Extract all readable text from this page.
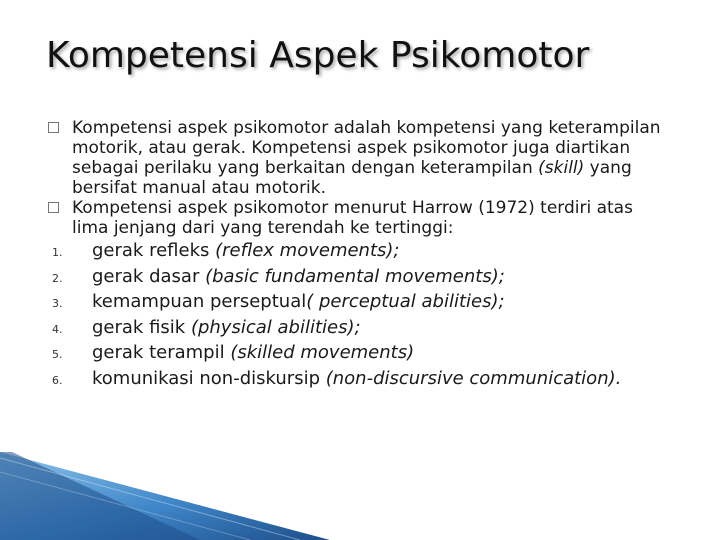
Kompetensi Aspek Psikomotor

Kompetensi aspek psikomotor adalah kompetensi yang keterampilan motorik, atau gerak. Kompetensi aspek psikomotor juga diartikan sebagai perilaku yang berkaitan dengan keterampilan (skill) yang bersifat manual atau motorik.

Kompetensi aspek psikomotor menurut Harrow (1972) terdiri atas lima jenjang dari yang terendah ke tertinggi:

1. gerak refleks (reflex movements);
2. gerak dasar (basic fundamental movements);
3. kemampuan perseptual( perceptual abilities);
4. gerak fisik (physical abilities);
5. gerak terampil (skilled movements)
6. komunikasi non-diskursip (non-discursive communication).
